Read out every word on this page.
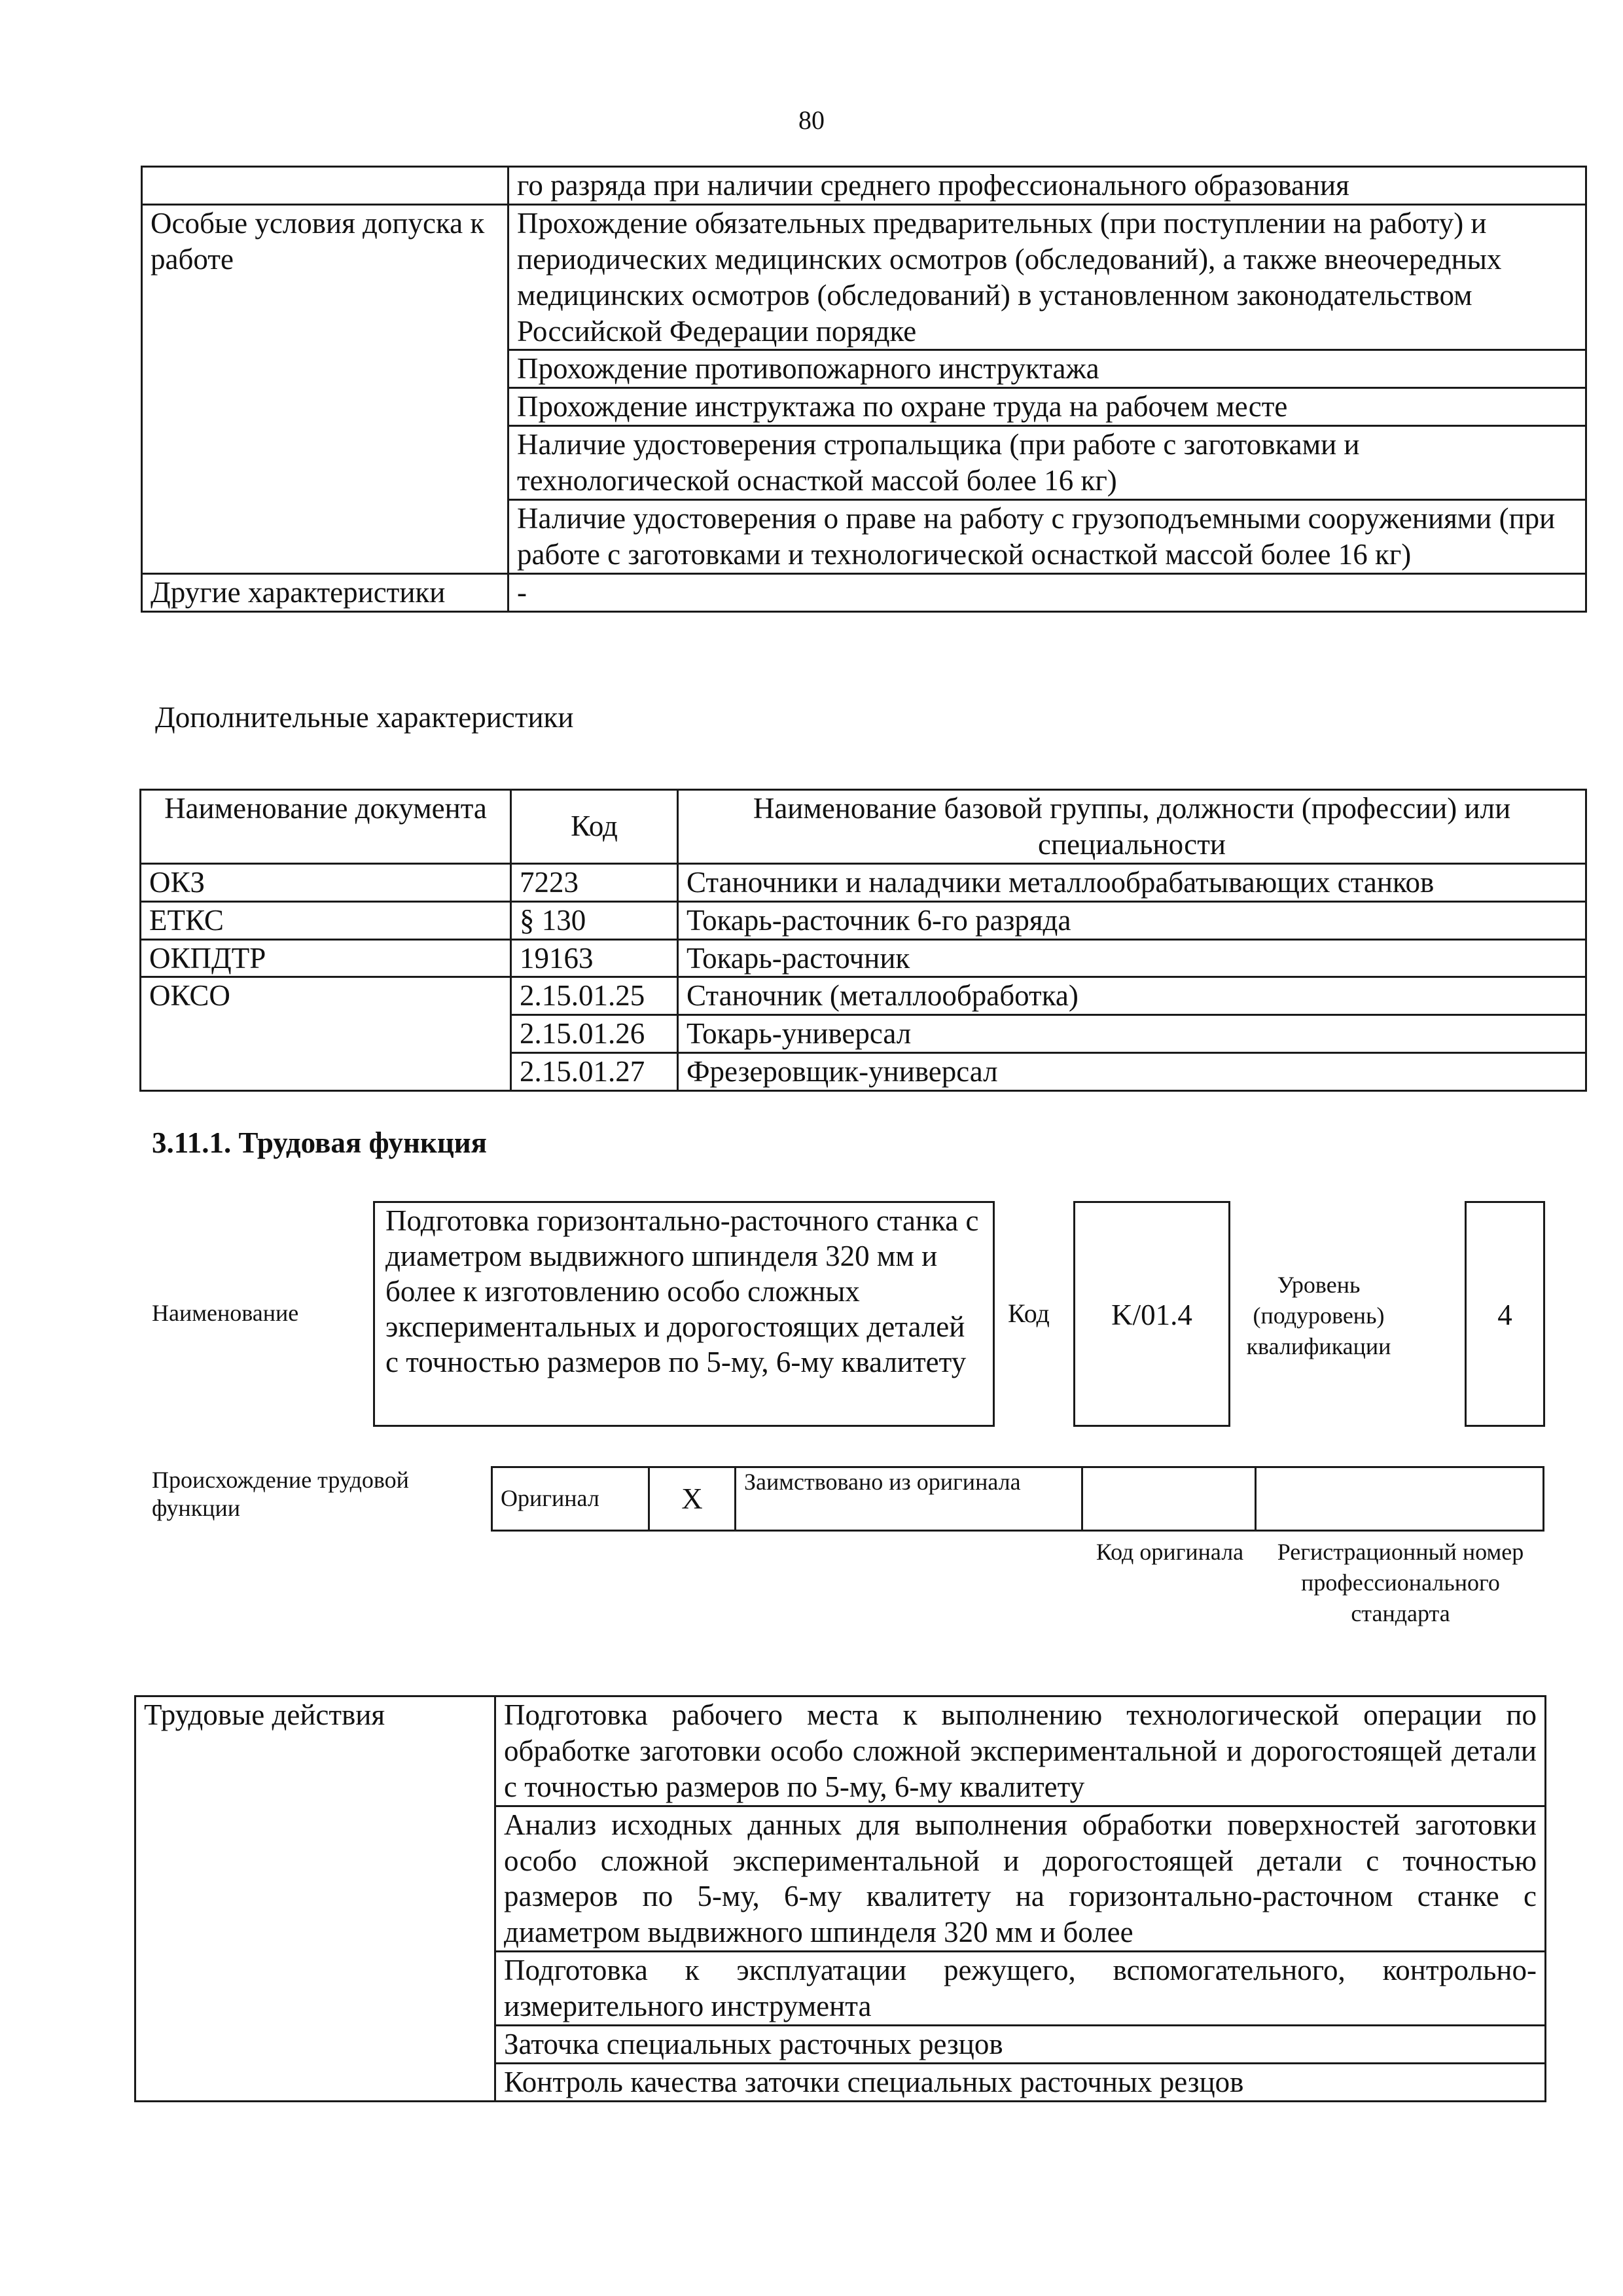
80
	го разряда при наличии среднего профессионального образования
Особые условия допуска к работе	Прохождение обязательных предварительных (при поступлении на работу) и периодических медицинских осмотров (обследований), а также внеочередных медицинских осмотров (обследований) в установленном законодательством Российской Федерации порядке
	Прохождение противопожарного инструктажа
	Прохождение инструктажа по охране труда на рабочем месте
	Наличие удостоверения стропальщика (при работе с заготовками и технологической оснасткой массой более 16 кг)
	Наличие удостоверения о праве на работу с грузоподъемными сооружениями (при работе с заготовками и технологической оснасткой массой более 16 кг)
Другие характеристики	-
Дополнительные характеристики
Наименование документа	Код	Наименование базовой группы, должности (профессии) или специальности
ОКЗ	7223	Станочники и наладчики металлообрабатывающих станков
ЕТКС	§ 130	Токарь-расточник 6-го разряда
ОКПДТР	19163	Токарь-расточник
ОКСО	2.15.01.25	Станочник (металлообработка)
	2.15.01.26	Токарь-универсал
	2.15.01.27	Фрезеровщик-универсал
3.11.1. Трудовая функция
Наименование
Подготовка горизонтально-расточного станка с диаметром выдвижного шпинделя 320 мм и более к изготовлению особо сложных экспериментальных и дорогостоящих деталей с точностью размеров по 5-му, 6-му квалитету
Код	K/01.4
Уровень (подуровень) квалификации
4
Происхождение трудовой функции	Оригинал	X	Заимствовано из оригинала		
Код оригинала	Регистрационный номер профессионального стандарта
Трудовые действия	Подготовка рабочего места к выполнению технологической операции по обработке заготовки особо сложной экспериментальной и дорогостоящей детали с точностью размеров по 5-му, 6-му квалитету
Анализ исходных данных для выполнения обработки поверхностей заготовки особо сложной экспериментальной и дорогостоящей детали с точностью размеров по 5-му, 6-му квалитету на горизонтально-расточном станке с диаметром выдвижного шпинделя 320 мм и более
Подготовка к эксплуатации режущего, вспомогательного, контрольно-измерительного инструмента
Заточка специальных расточных резцов
Контроль качества заточки специальных расточных резцов
